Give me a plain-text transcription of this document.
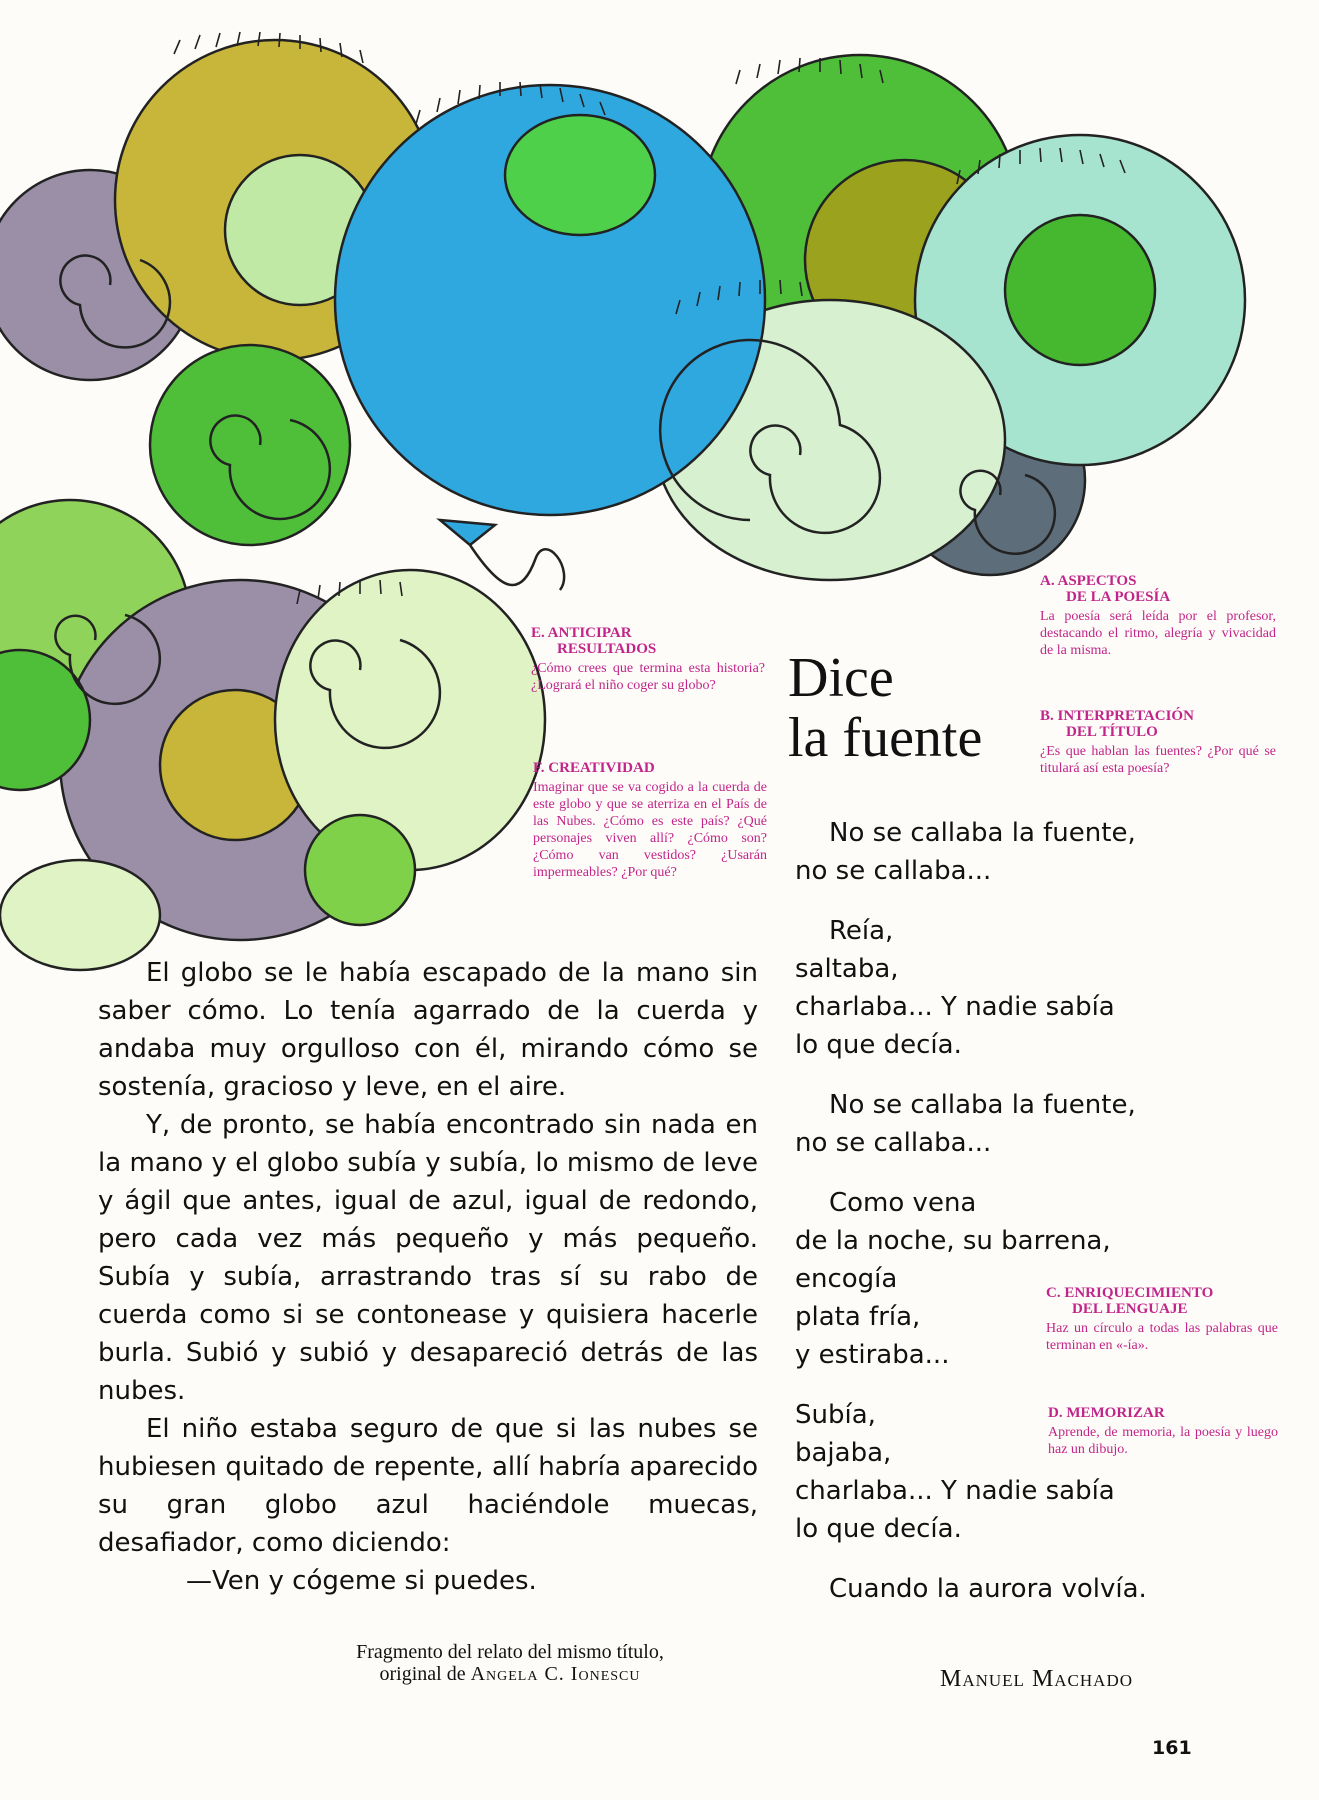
E. ANTICIPAR
RESULTADOS

¿Cómo crees que termina esta historia? ¿Logrará el niño coger su globo?

F. CREATIVIDAD

Imaginar que se va cogido a la cuerda de este globo y que se aterriza en el País de las Nubes. ¿Cómo es este país? ¿Qué personajes viven allí? ¿Cómo son? ¿Cómo van vestidos? ¿Usarán impermeables? ¿Por qué?

Dice
la fuente
A. ASPECTOS
DE LA POESÍA

La poesía será leída por el profesor, destacando el ritmo, alegría y vivacidad de la misma.

B. INTERPRETACIÓN
DEL TÍTULO

¿Es que hablan las fuentes? ¿Por qué se titulará así esta poesía?

C. ENRIQUECIMIENTO
DEL LENGUAJE

Haz un círculo a todas las palabras que terminan en «-ía».

D. MEMORIZAR

Aprende, de memoria, la poesía y luego haz un dibujo.

El globo se le había escapado de la mano sin saber cómo. Lo tenía agarrado de la cuerda y andaba muy orgulloso con él, mirando cómo se sostenía, gracioso y leve, en el aire.

Y, de pronto, se había encontrado sin nada en la mano y el globo subía y subía, lo mismo de leve y ágil que antes, igual de azul, igual de redondo, pero cada vez más pequeño y más pequeño. Subía y subía, arrastrando tras sí su rabo de cuerda como si se contonease y quisiera hacerle burla. Subió y subió y desapareció detrás de las nubes.

El niño estaba seguro de que si las nubes se hubiesen quitado de repente, allí habría aparecido su gran globo azul haciéndole muecas, desafiador, como diciendo:

—Ven y cógeme si puedes.

Fragmento del relato del mismo título,
original de Angela C. Ionescu
No se callaba la fuente,
no se callaba...
Reía,
saltaba,
charlaba... Y nadie sabía
lo que decía.
No se callaba la fuente,
no se callaba...
Como vena
de la noche, su barrena,
encogía
plata fría,
y estiraba...
Subía,
bajaba,
charlaba... Y nadie sabía
lo que decía.
Cuando la aurora volvía.
Manuel Machado
161
